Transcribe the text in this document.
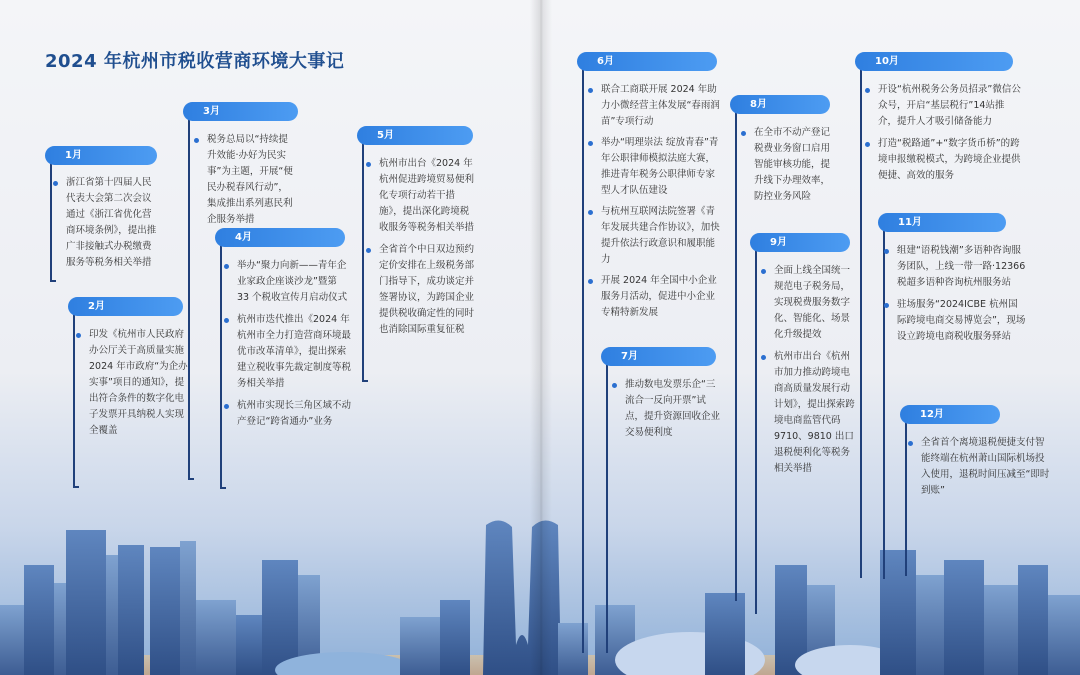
2024 年杭州市税收营商环境大事记
1月
浙江省第十四届人民代表大会第二次会议通过《浙江省优化营商环境条例》，提出推广非接触式办税缴费服务等税务相关举措
2月
印发《杭州市人民政府办公厅关于高质量实施2024 年市政府“为企办实事”项目的通知》，提出符合条件的数字化电子发票开具纳税人实现全覆盖
3月
税务总局以“持续提升效能·办好为民实事”为主题，开展“便民办税春风行动”，集成推出系列惠民利企服务举措
4月
举办“聚力向新——青年企业家政企座谈沙龙”暨第 33 个税收宣传月启动仪式
杭州市迭代推出《2024 年杭州市全力打造营商环境最优市改革清单》，提出探索建立税收事先裁定制度等税务相关举措
杭州市实现长三角区域不动产登记“跨省通办”业务
5月
杭州市出台《2024 年杭州促进跨境贸易便利化专项行动若干措施》，提出深化跨境税收服务等税务相关举措
全省首个中日双边预约定价安排在上级税务部门指导下，成功谈定并签署协议，为跨国企业提供税收确定性的同时也消除国际重复征税
6月
联合工商联开展 2024 年助力小微经营主体发展“春雨润苗”专项行动
举办“明理崇法 绽放青春”青年公职律师模拟法庭大赛，推进青年税务公职律师专家型人才队伍建设
与杭州互联网法院签署《青年发展共建合作协议》，加快提升依法行政意识和履职能力
开展 2024 年全国中小企业服务月活动，促进中小企业专精特新发展
7月
推动数电发票乐企“三流合一反向开票”试点，提升资源回收企业交易便利度
8月
在全市不动产登记税费业务窗口启用智能审核功能，提升线下办理效率，防控业务风险
9月
全面上线全国统一规范电子税务局，实现税费服务数字化、智能化、场景化升级提效
杭州市出台《杭州市加力推动跨境电商高质量发展行动计划》，提出探索跨境电商监管代码9710、9810 出口退税便利化等税务相关举措
10月
开设“杭州税务公务员招录”微信公众号，开启“基层税行”14站推介，提升人才吸引储备能力
打造“税路通”+“数字货币桥”的跨境申报缴税模式，为跨境企业提供便捷、高效的服务
11月
组建“语税钱潮”多语种咨询服务团队，上线一带一路·12366 税超多语种咨询杭州服务站
驻场服务“2024ICBE 杭州国际跨境电商交易博览会”，现场设立跨境电商税收服务驿站
12月
全省首个离境退税便捷支付智能终端在杭州萧山国际机场投入使用，退税时间压减至“即时到账”
